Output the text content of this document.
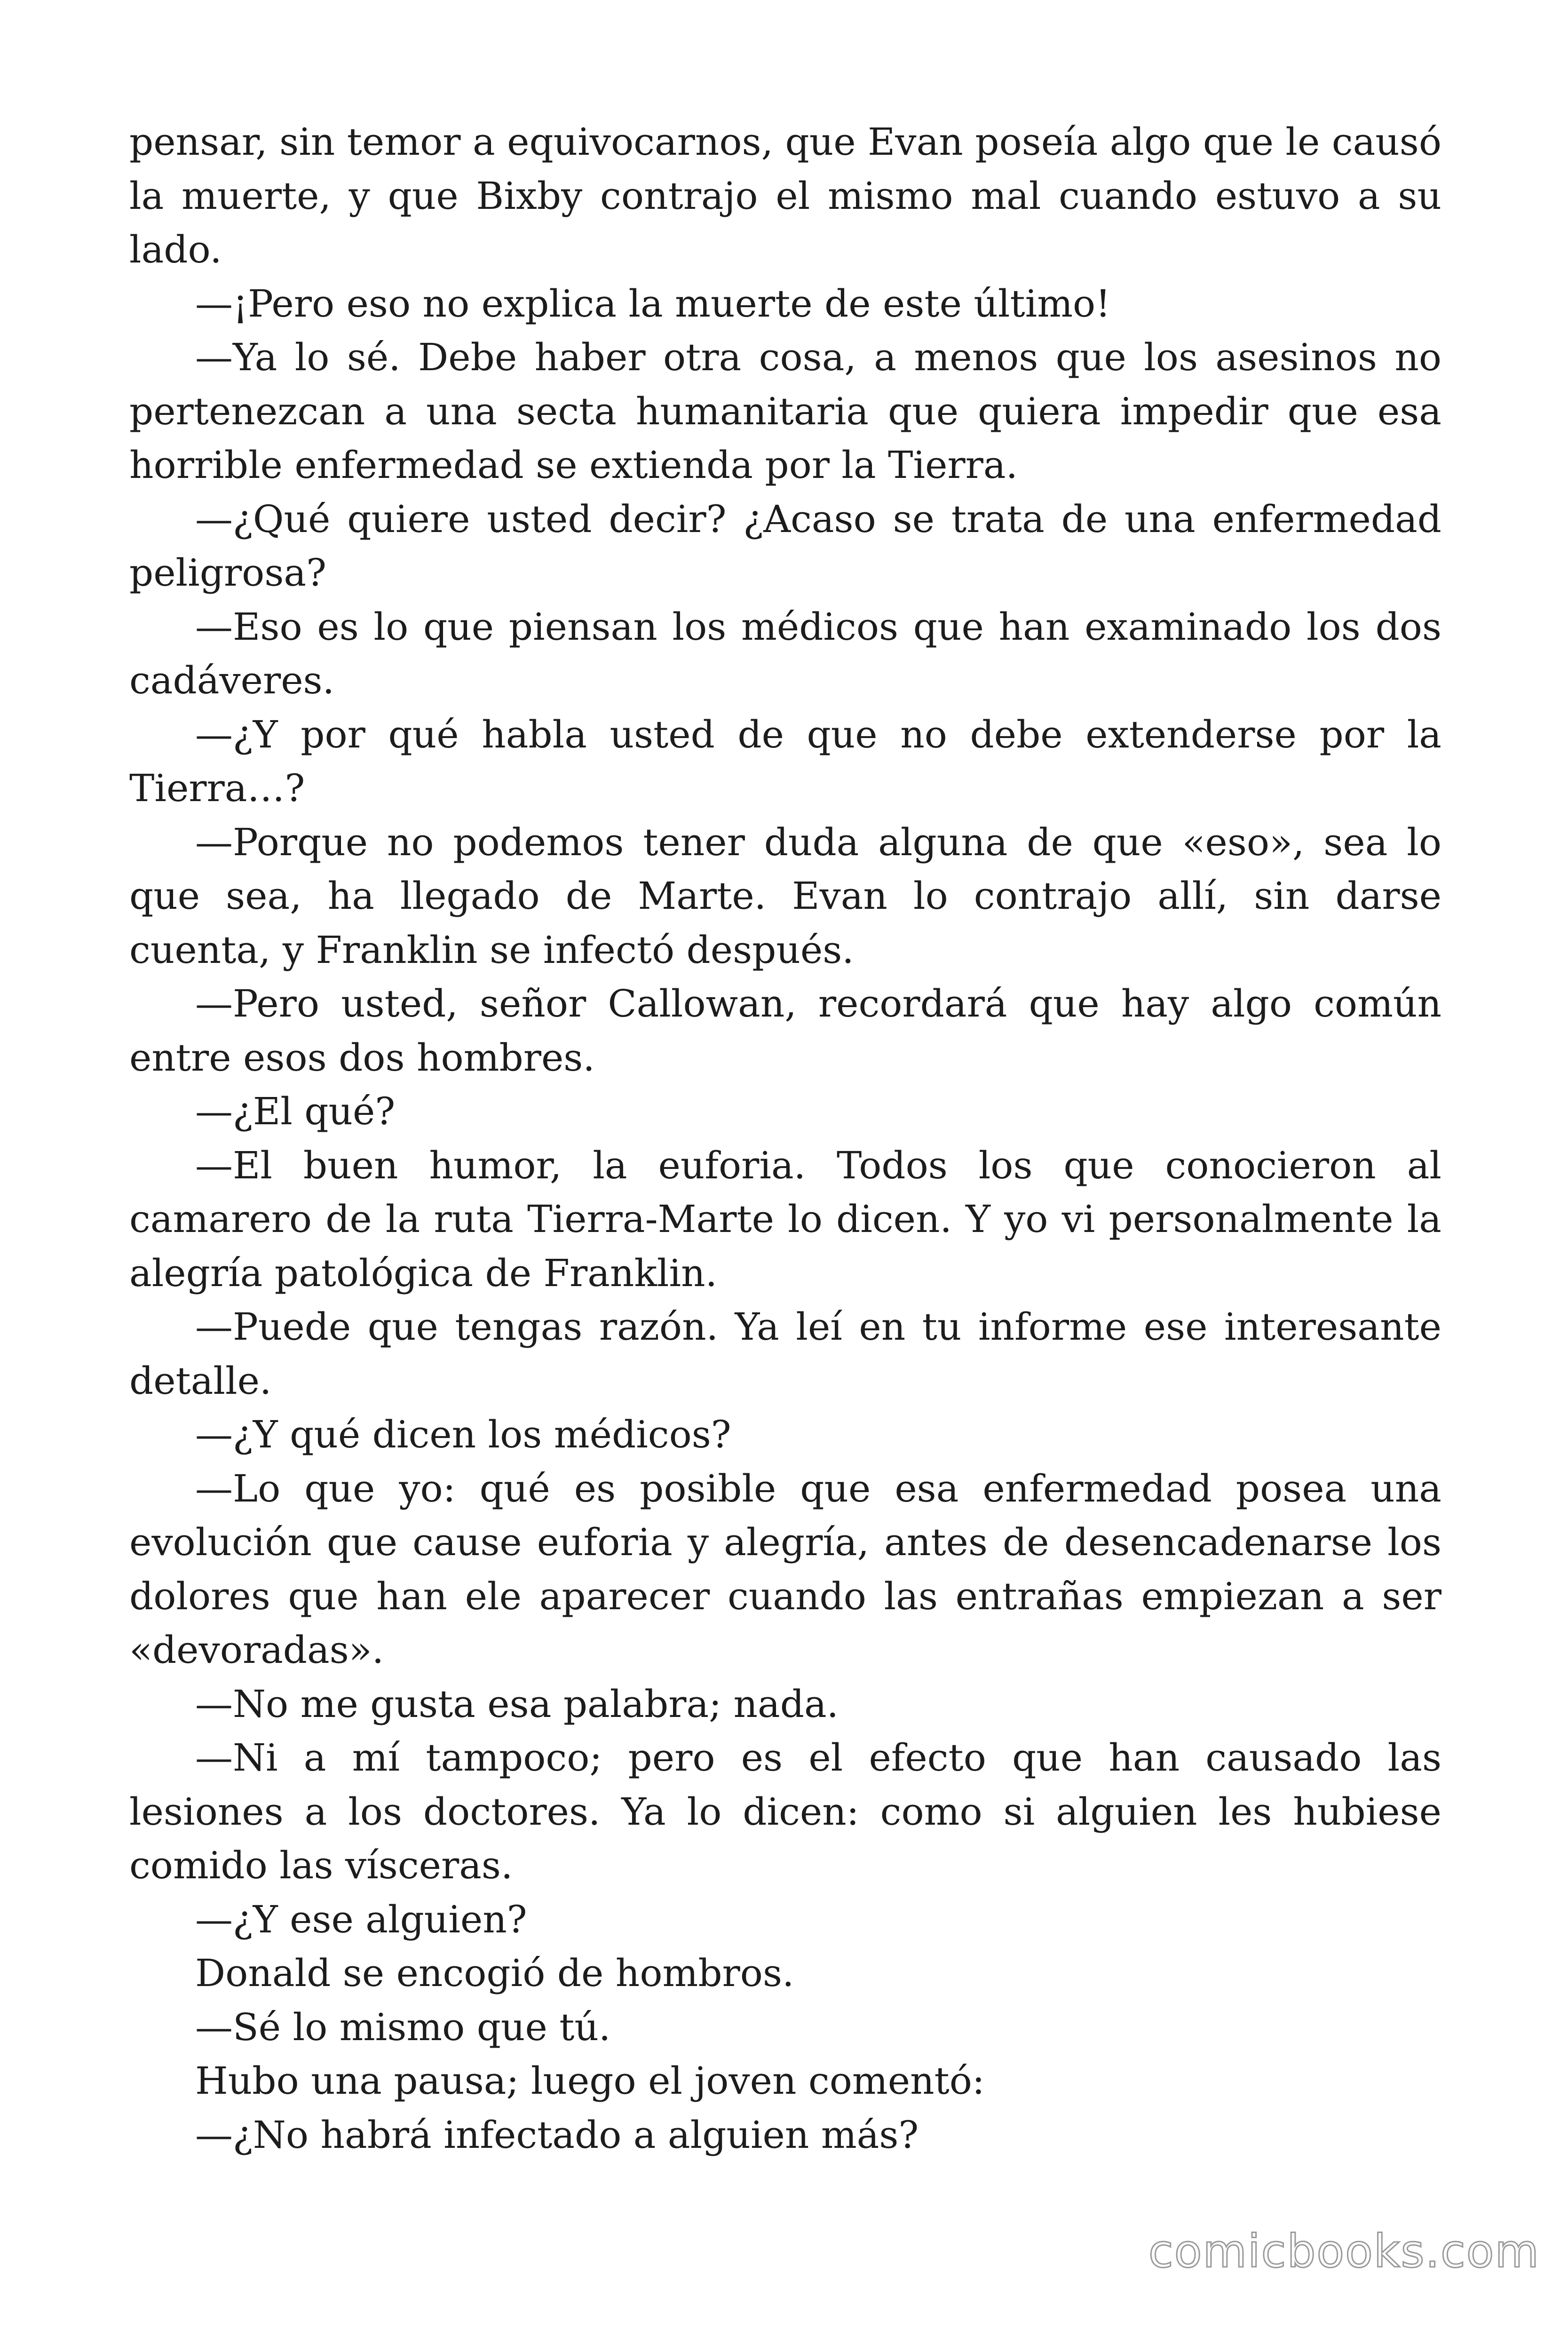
pensar, sin temor a equivocarnos, que Evan poseía algo que le causó la muerte, y que Bixby contrajo el mismo mal cuando estuvo a su lado.

—¡Pero eso no explica la muerte de este último!

—Ya lo sé. Debe haber otra cosa, a menos que los asesinos no pertenezcan a una secta humanitaria que quiera impedir que esa horrible enfermedad se extienda por la Tierra.

—¿Qué quiere usted decir? ¿Acaso se trata de una enfermedad peligrosa?

—Eso es lo que piensan los médicos que han examinado los dos cadáveres.

—¿Y por qué habla usted de que no debe extenderse por la Tierra…?

—Porque no podemos tener duda alguna de que «eso», sea lo que sea, ha llegado de Marte. Evan lo contrajo allí, sin darse cuenta, y Franklin se infectó después.

—Pero usted, señor Callowan, recordará que hay algo común entre esos dos hombres.

—¿El qué?

—El buen humor, la euforia. Todos los que conocieron al camarero de la ruta Tierra-Marte lo dicen. Y yo vi personalmente la alegría patológica de Franklin.

—Puede que tengas razón. Ya leí en tu informe ese interesante detalle.

—¿Y qué dicen los médicos?

—Lo que yo: qué es posible que esa enfermedad posea una evolución que cause euforia y alegría, antes de desencadenarse los dolores que han ele aparecer cuando las entrañas empiezan a ser «devoradas».

—No me gusta esa palabra; nada.

—Ni a mí tampoco; pero es el efecto que han causado las lesiones a los doctores. Ya lo dicen: como si alguien les hubiese comido las vísceras.

—¿Y ese alguien?

Donald se encogió de hombros.

—Sé lo mismo que tú.

Hubo una pausa; luego el joven comentó:

—¿No habrá infectado a alguien más?

comicbooks.com
